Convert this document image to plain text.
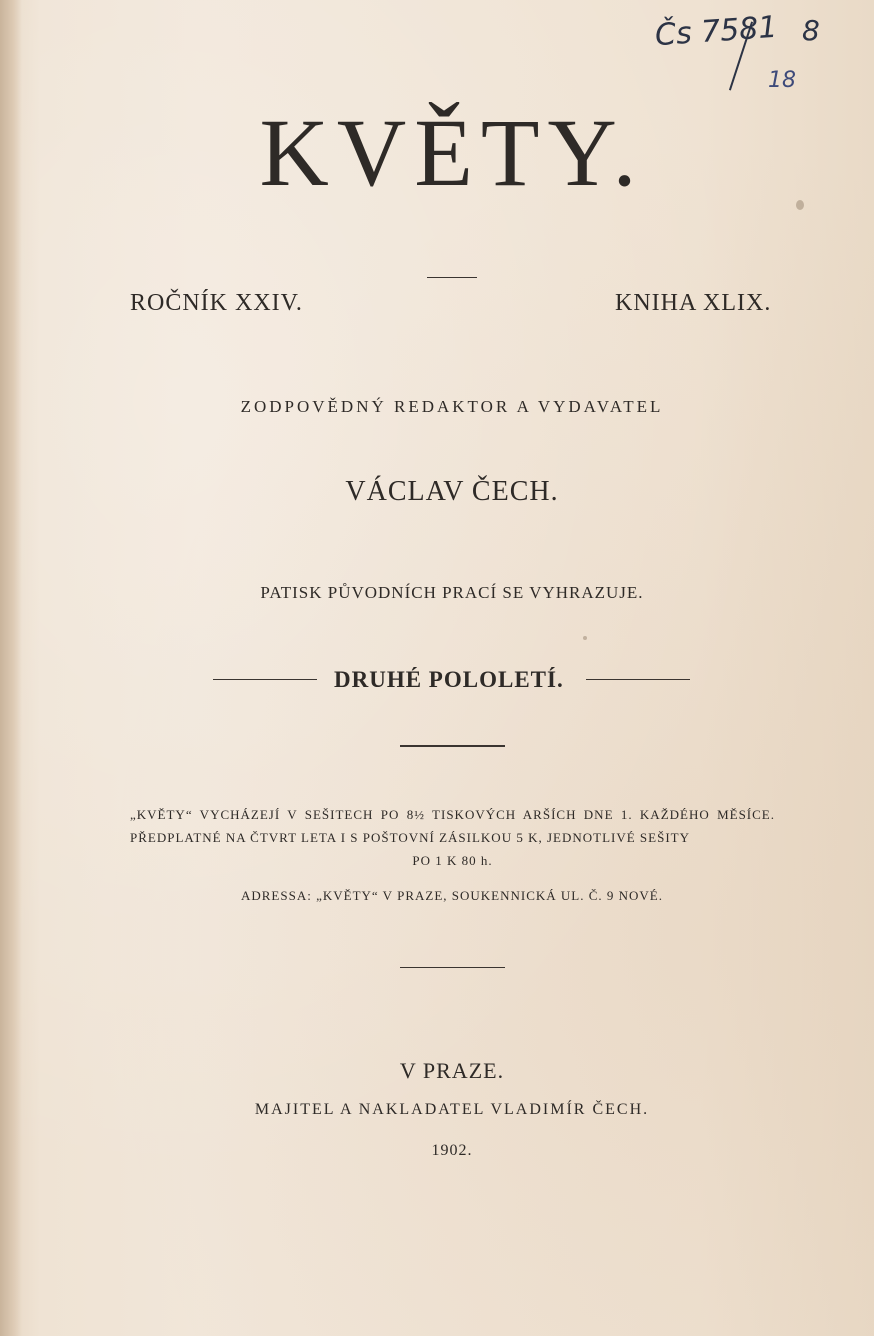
Čs 7581 8
18
KVĚTY.
ROČNÍK XXIV.	KNIHA XLIX.
ZODPOVĚDNÝ REDAKTOR A VYDAVATEL
VÁCLAV ČECH.
PATISK PŮVODNÍCH PRACÍ SE VYHRAZUJE.
DRUHÉ POLOLETÍ.
„KVĚTY“ VYCHÁZEJÍ V SEŠITECH PO 8½ TISKOVÝCH ARŠÍCH DNE 1. KAŽDÉHO MĚSÍCE. PŘEDPLATNÉ NA ČTVRT LETA I S POŠTOVNÍ ZÁSILKOU 5 K, JEDNOTLIVÉ SEŠITY
PO 1 K 80 h.
ADRESSA: „KVĚTY“ V PRAZE, SOUKENNICKÁ UL. Č. 9 NOVÉ.
V PRAZE.
MAJITEL A NAKLADATEL VLADIMÍR ČECH.
1902.
